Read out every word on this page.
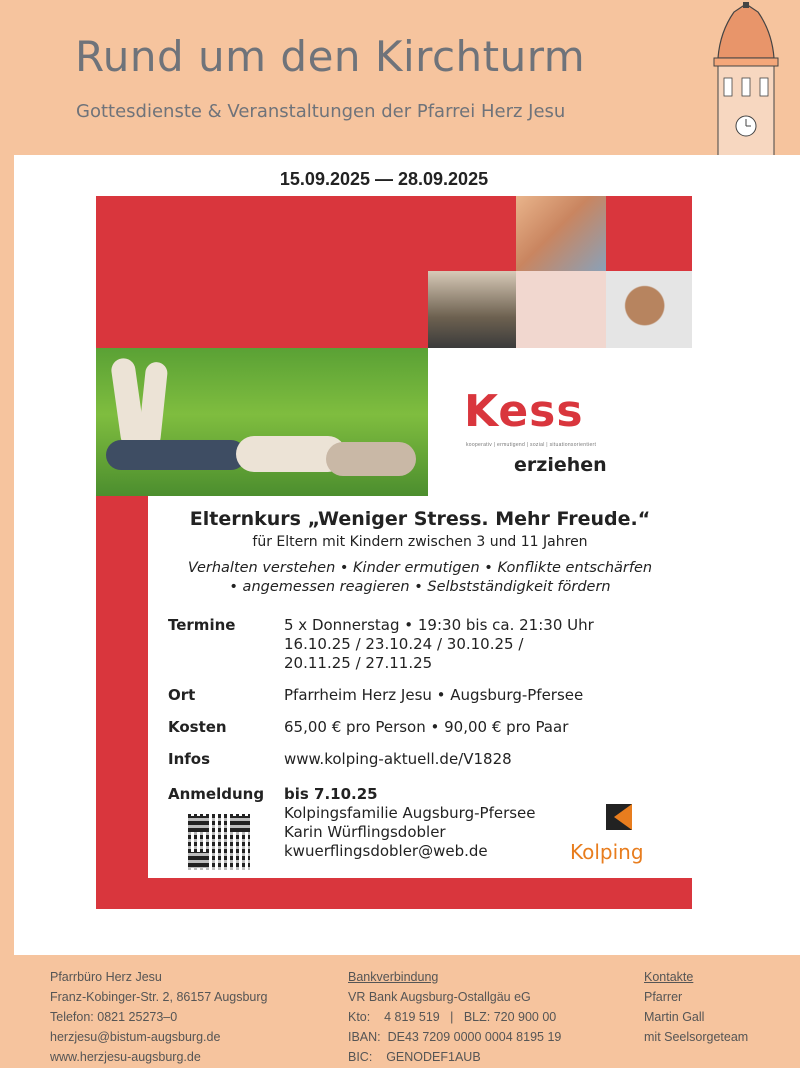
Rund um den Kirchturm
Gottesdienste & Veranstaltungen der Pfarrei Herz Jesu
15.09.2025 — 28.09.2025
Kess
kooperativ | ermutigend | sozial | situationsorientiert
erziehen
Elternkurs „Weniger Stress. Mehr Freude.“
für Eltern mit Kindern zwischen 3 und 11 Jahren
Verhalten verstehen • Kinder ermutigen • Konflikte entschärfen
• angemessen reagieren • Selbstständigkeit fördern
Termine	5 x Donnerstag • 19:30 bis ca. 21:30 Uhr
16.10.25 / 23.10.24 / 30.10.25 /
20.11.25 / 27.11.25
Ort	Pfarrheim Herz Jesu • Augsburg-Pfersee
Kosten	65,00 € pro Person • 90,00 € pro Paar
Infos	www.kolping-aktuell.de/V1828
Anmeldung bis 7.10.25
Kolpingsfamilie Augsburg-Pfersee
Karin Würflingsdobler
kwuerflingsdobler@web.de	Kolping
Pfarrbüro Herz Jesu
Franz-Kobinger-Str. 2, 86157 Augsburg
Telefon: 0821 25273–0
herzjesu@bistum-augsburg.de
www.herzjesu-augsburg.de
Bankverbindung
VR Bank Augsburg-Ostallgäu eG
Kto:    4 819 519   |   BLZ: 720 900 00
IBAN:  DE43 7209 0000 0004 8195 19
BIC:    GENODEF1AUB
Kontakte
Pfarrer
Martin Gall
mit Seelsorgeteam
